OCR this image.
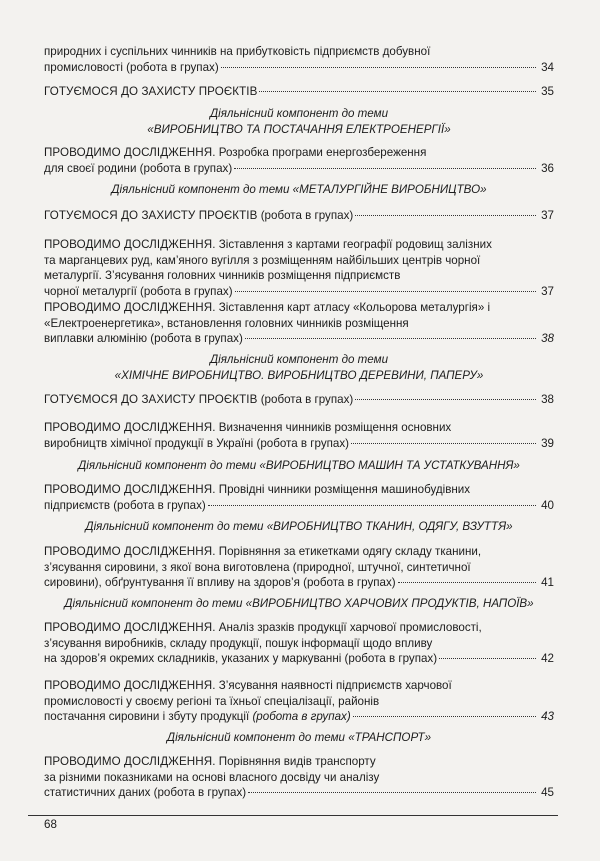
природних і суспільних чинників на прибутковість підприємств добувної
промисловості (робота в групах)	34
ГОТУЄМОСЯ ДО ЗАХИСТУ ПРОЄКТІВ	35
Діяльнісний компонент до теми
«ВИРОБНИЦТВО ТА ПОСТАЧАННЯ ЕЛЕКТРОЕНЕРГІЇ»
ПРОВОДИМО ДОСЛІДЖЕННЯ. Розробка програми енергозбереження
для своєї родини (робота в групах)	36
Діяльнісний компонент до теми «МЕТАЛУРГІЙНЕ ВИРОБНИЦТВО»
ГОТУЄМОСЯ ДО ЗАХИСТУ ПРОЄКТІВ (робота в групах)	37
ПРОВОДИМО ДОСЛІДЖЕННЯ. Зіставлення з картами географії родовищ залізних
та марганцевих руд, кам’яного вугілля з розміщенням найбільших центрів чорної
металургії. З’ясування головних чинників розміщення підприємств
чорної металургії (робота в групах)	37
ПРОВОДИМО ДОСЛІДЖЕННЯ. Зіставлення карт атласу «Кольорова металургія» і
«Електроенергетика», встановлення головних чинників розміщення
виплавки алюмінію (робота в групах)	38
Діяльнісний компонент до теми
«ХІМІЧНЕ ВИРОБНИЦТВО. ВИРОБНИЦТВО ДЕРЕВИНИ, ПАПЕРУ»
ГОТУЄМОСЯ ДО ЗАХИСТУ ПРОЄКТІВ (робота в групах)	38
ПРОВОДИМО ДОСЛІДЖЕННЯ. Визначення чинників розміщення основних
виробництв хімічної продукції в Україні (робота в групах)	39
Діяльнісний компонент до теми «ВИРОБНИЦТВО МАШИН ТА УСТАТКУВАННЯ»
ПРОВОДИМО ДОСЛІДЖЕННЯ. Провідні чинники розміщення машинобудівних
підприємств (робота в групах)	40
Діяльнісний компонент до теми «ВИРОБНИЦТВО ТКАНИН, ОДЯГУ, ВЗУТТЯ»
ПРОВОДИМО ДОСЛІДЖЕННЯ. Порівняння за етикетками одягу складу тканини,
з’ясування сировини, з якої вона виготовлена (природної, штучної, синтетичної
сировини), обґрунтування її впливу на здоров’я (робота в групах)	41
Діяльнісний компонент до теми «ВИРОБНИЦТВО ХАРЧОВИХ ПРОДУКТІВ, НАПОЇВ»
ПРОВОДИМО ДОСЛІДЖЕННЯ. Аналіз зразків продукції харчової промисловості,
з’ясування виробників, складу продукції, пошук інформації щодо впливу
на здоров’я окремих складників, указаних у маркуванні (робота в групах)	42
ПРОВОДИМО ДОСЛІДЖЕННЯ. З’ясування наявності підприємств харчової
промисловості у своєму регіоні та їхньої спеціалізації, районів
постачання сировини і збуту продукції (робота в групах)	43
Діяльнісний компонент до теми «ТРАНСПОРТ»
ПРОВОДИМО ДОСЛІДЖЕННЯ. Порівняння видів транспорту
за різними показниками на основі власного досвіду чи аналізу
статистичних даних (робота в групах)	45
68
